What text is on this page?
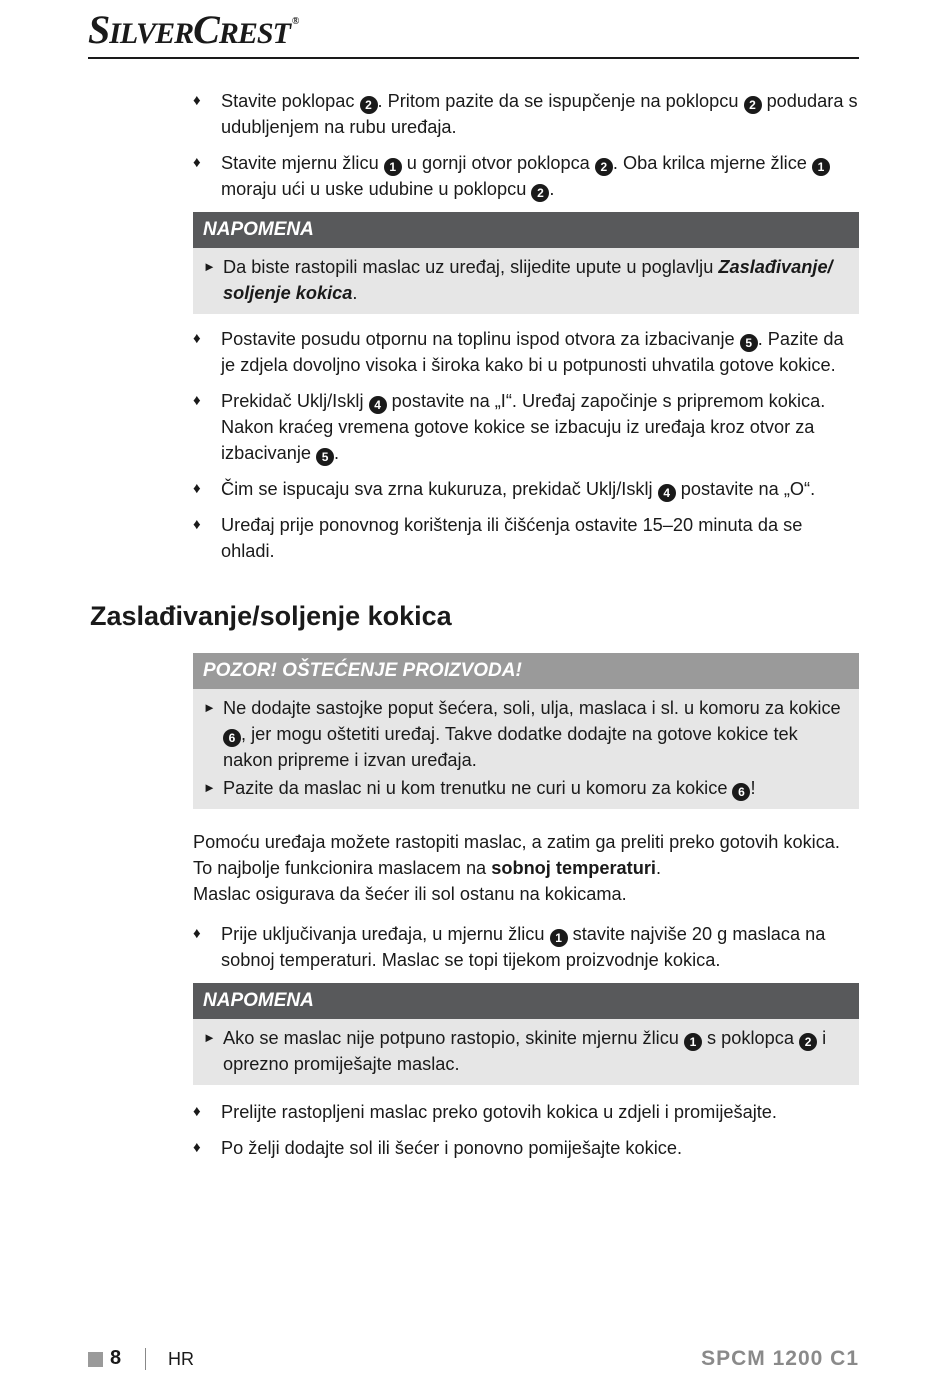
SILVERCREST ®
♦ Stavite poklopac 2 . Pritom pazite da se ispupčenje na poklopcu 2 podudara s udubljenjem na rubu uređaja.
♦ Stavite mjernu žlicu 1 u gornji otvor poklopca 2 . Oba krilca mjerne žlice 1 moraju ući u uske udubine u poklopcu 2 .
NAPOMENA
► Da biste rastopili maslac uz uređaj, slijedite upute u poglavlju Zaslađivanje/ soljenje kokica.
♦ Postavite posudu otpornu na toplinu ispod otvora za izbacivanje 5 . Pazite da je zdjela dovoljno visoka i široka kako bi u potpunosti uhvatila gotove kokice.
♦ Prekidač Uklj/Isklj 4 postavite na „I“. Uređaj započinje s pripremom kokica. Nakon kraćeg vremena gotove kokice se izbacuju iz uređaja kroz otvor za izbacivanje 5 .
♦ Čim se ispucaju sva zrna kukuruza, prekidač Uklj/Isklj 4 postavite na „O“.
♦ Uređaj prije ponovnog korištenja ili čišćenja ostavite 15–20 minuta da se ohladi.
Zaslađivanje/soljenje kokica
POZOR! OŠTEĆENJE PROIZVODA!
► Ne dodajte sastojke poput šećera, soli, ulja, maslaca i sl. u komoru za kokice 6 , jer mogu oštetiti uređaj. Takve dodatke dodajte na gotove kokice tek nakon pripreme i izvan uređaja.
► Pazite da maslac ni u kom trenutku ne curi u komoru za kokice 6 !
Pomoću uređaja možete rastopiti maslac, a zatim ga preliti preko gotovih kokica.
To najbolje funkcionira maslacem na sobnoj temperaturi.
Maslac osigurava da šećer ili sol ostanu na kokicama.
♦ Prije uključivanja uređaja, u mjernu žlicu 1 stavite najviše 20 g maslaca na sobnoj temperaturi. Maslac se topi tijekom proizvodnje kokica.
NAPOMENA
► Ako se maslac nije potpuno rastopio, skinite mjernu žlicu 1 s poklopca 2 i oprezno promiješajte maslac.
♦ Prelijte rastopljeni maslac preko gotovih kokica u zdjeli i promiješajte.
♦ Po želji dodajte sol ili šećer i ponovno pomiješajte kokice.
8	HR	SPCM 1200 C1
